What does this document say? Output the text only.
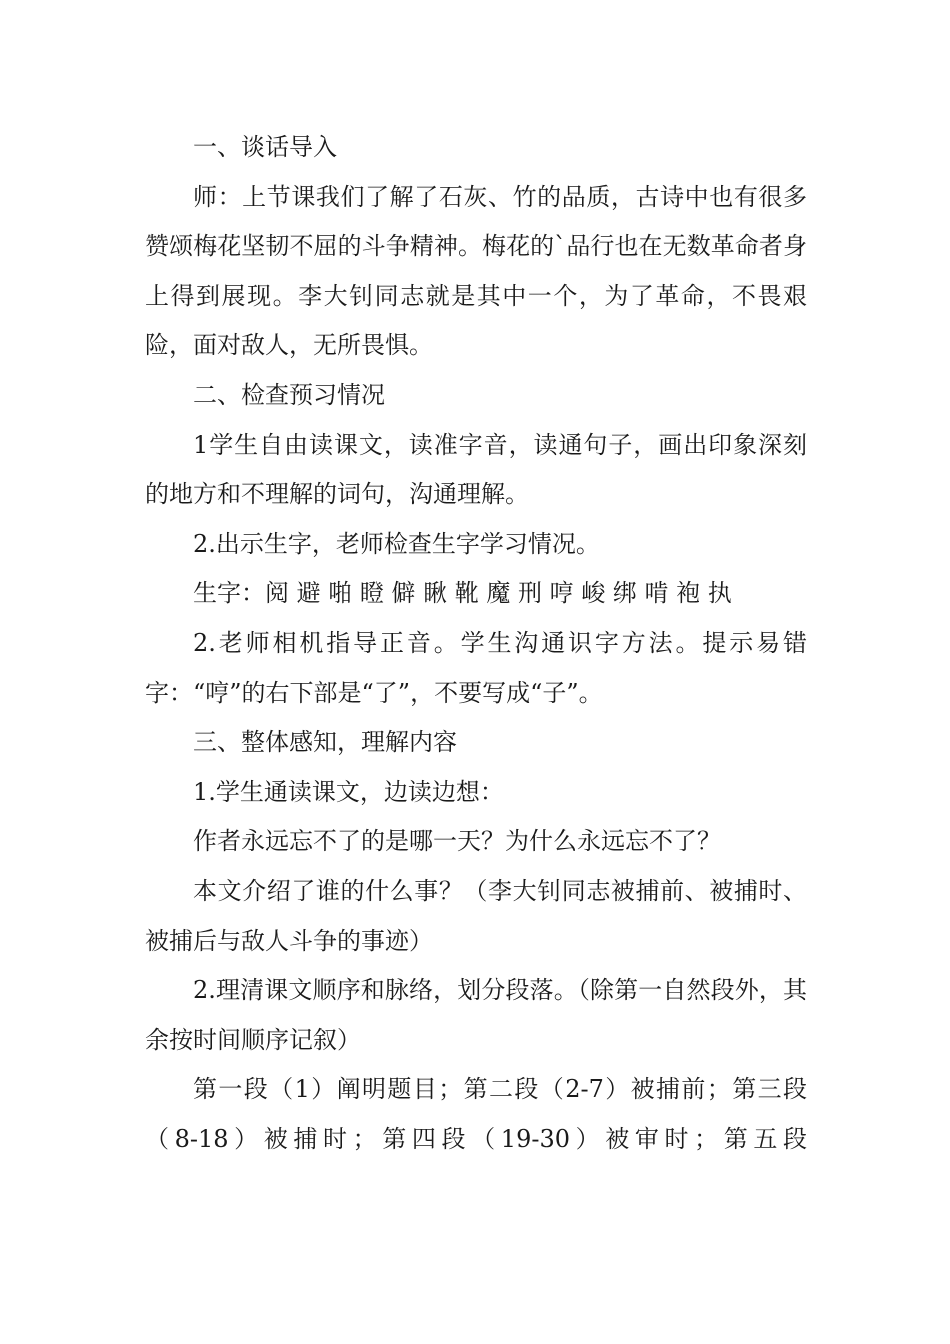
一、谈话导入

师：上节课我们了解了石灰、竹的品质，古诗中也有很多赞颂梅花坚韧不屈的斗争精神。梅花的`品行也在无数革命者身上得到展现。李大钊同志就是其中一个，为了革命，不畏艰险，面对敌人，无所畏惧。

二、检查预习情况

1学生自由读课文，读准字音，读通句子，画出印象深刻的地方和不理解的词句，沟通理解。

2.出示生字，老师检查生字学习情况。

生字：阅 避 啪 瞪 僻 瞅 靴 魔 刑 哼 峻 绑 啃 袍 执

2.老师相机指导正音。学生沟通识字方法。提示易错字：“哼”的右下部是“了”，不要写成“子”。

三、整体感知，理解内容

1.学生通读课文，边读边想：

作者永远忘不了的是哪一天？为什么永远忘不了？

本文介绍了谁的什么事？（李大钊同志被捕前、被捕时、被捕后与敌人斗争的事迹）

2.理清课文顺序和脉络，划分段落。（除第一自然段外，其余按时间顺序记叙）

第一段（1）阐明题目；第二段（2-7）被捕前；第三段（8-18）被捕时；第四段（19-30）被审时；第五段
